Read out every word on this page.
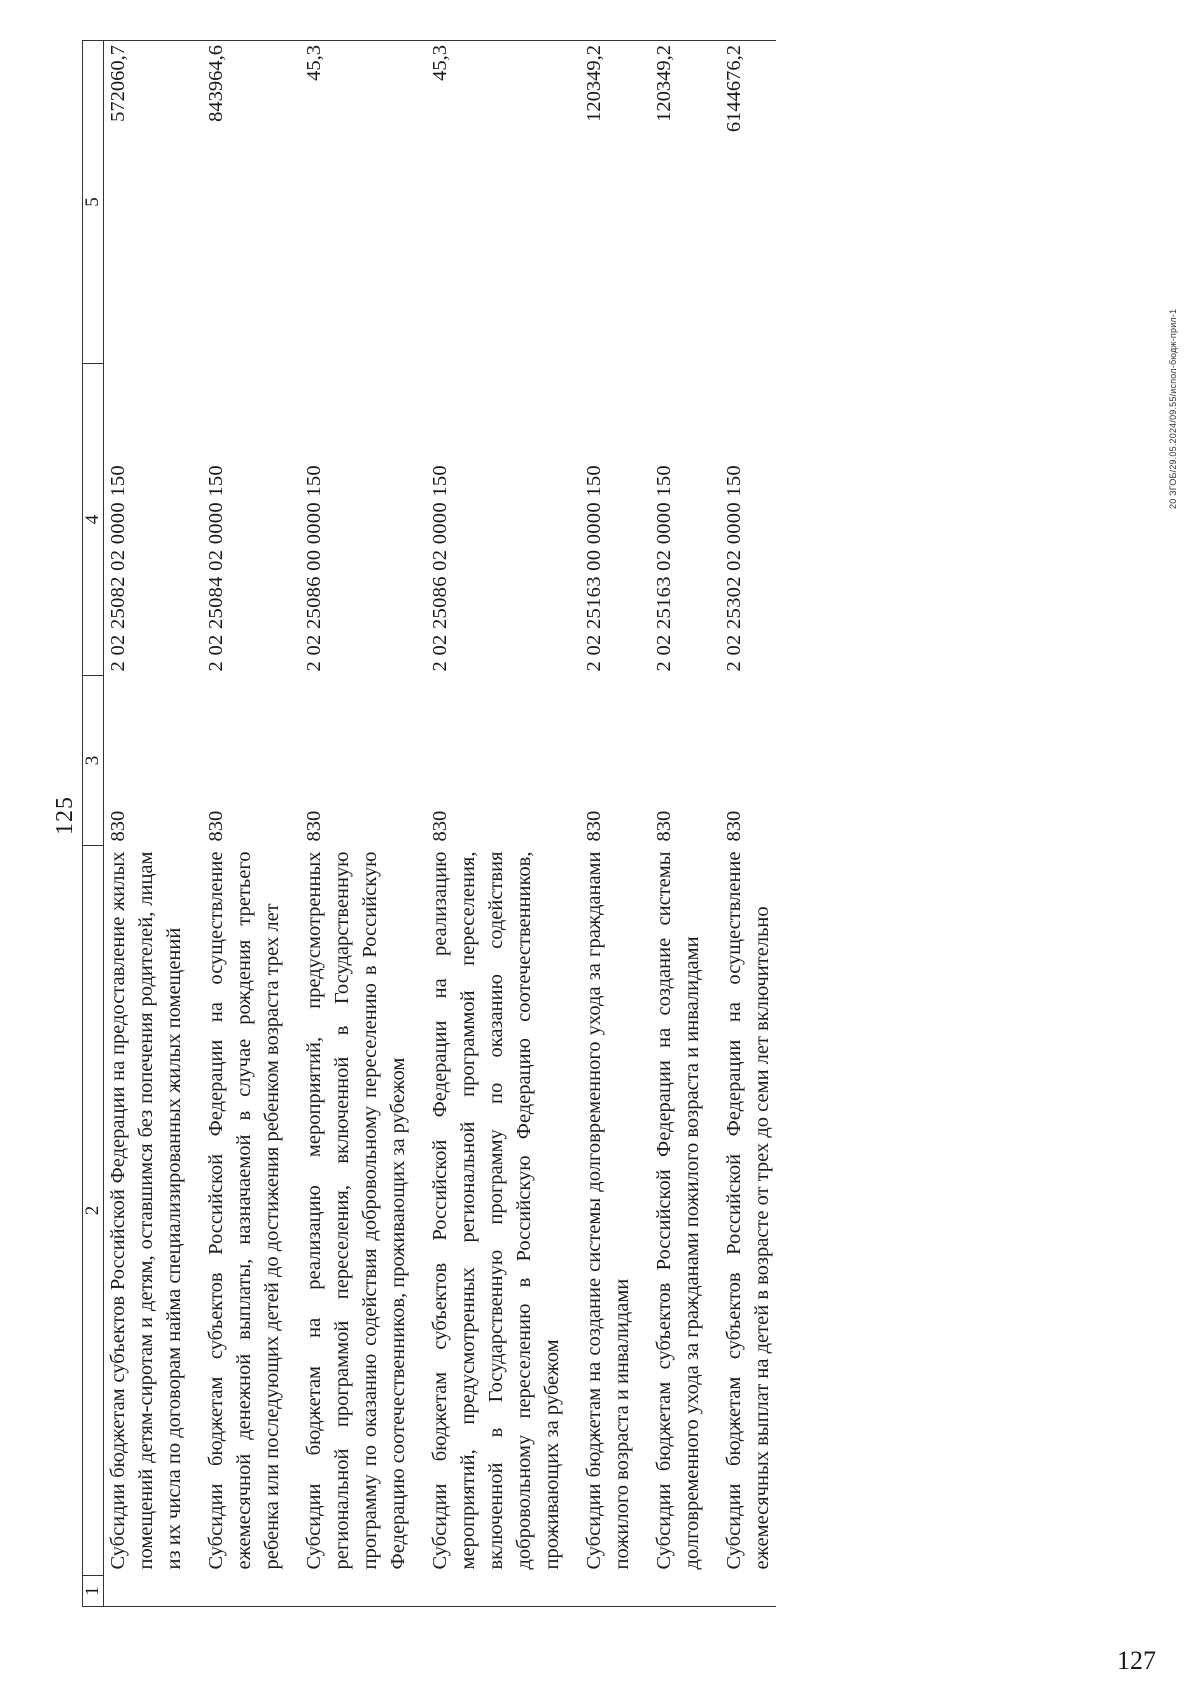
125
1	2	3	4	5
	Субсидии бюджетам субъектов Российской Федерации на предоставление жилых помещений детям-сиротам и детям, оставшимся без попечения родителей, лицам из их числа по договорам найма специализированных жилых помещений	830	2 02 25082 02 0000 150	572060,7
	Субсидии бюджетам субъектов Российской Федерации на осуществление ежемесячной денежной выплаты, назначаемой в случае рождения третьего ребенка или последующих детей до достижения ребенком возраста трех лет	830	2 02 25084 02 0000 150	843964,6
	Субсидии бюджетам на реализацию мероприятий, предусмотренных региональной программой переселения, включенной в Государственную программу по оказанию содействия добровольному переселению в Российскую Федерацию соотечественников, проживающих за рубежом	830	2 02 25086 00 0000 150	45,3
	Субсидии бюджетам субъектов Российской Федерации на реализацию мероприятий, предусмотренных региональной программой переселения, включенной в Государственную программу по оказанию содействия добровольному переселению в Российскую Федерацию соотечественников, проживающих за рубежом	830	2 02 25086 02 0000 150	45,3
	Субсидии бюджетам на создание системы долговременного ухода за гражданами пожилого возраста и инвалидами	830	2 02 25163 00 0000 150	120349,2
	Субсидии бюджетам субъектов Российской Федерации на создание системы долговременного ухода за гражданами пожилого возраста и инвалидами	830	2 02 25163 02 0000 150	120349,2
	Субсидии бюджетам субъектов Российской Федерации на осуществление ежемесячных выплат на детей в возрасте от трех до семи лет включительно	830	2 02 25302 02 0000 150	6144676,2
20 ЗГОБ/29.05.2024/09.55/испол-бюдж-прил-1
127
